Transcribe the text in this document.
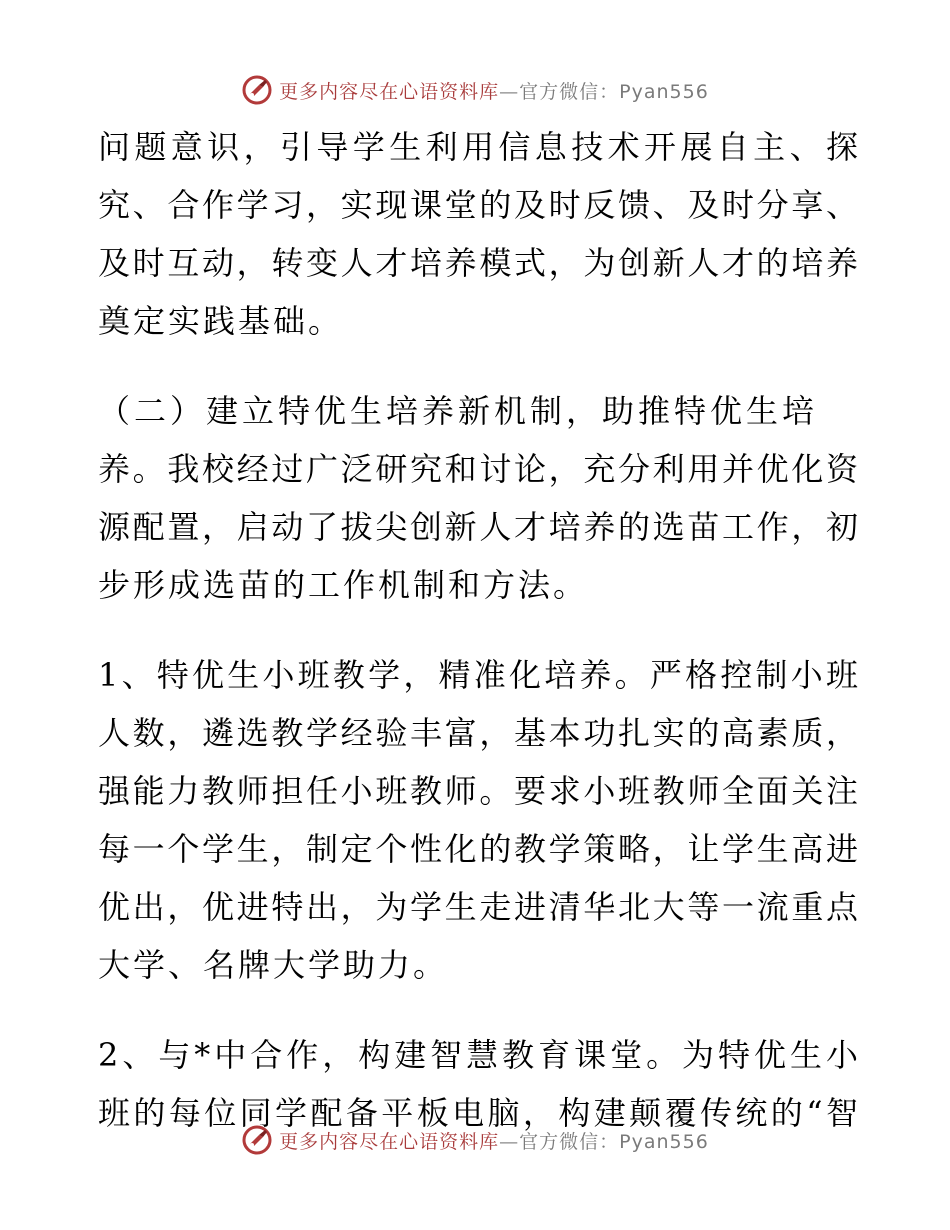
更多内容尽在心语资料库—官方微信：Pyan556
问题意识，引导学生利用信息技术开展自主、探
究、合作学习，实现课堂的及时反馈、及时分享、
及时互动，转变人才培养模式，为创新人才的培养
奠定实践基础。
（二）建立特优生培养新机制，助推特优生培
养。我校经过广泛研究和讨论，充分利用并优化资
源配置，启动了拔尖创新人才培养的选苗工作，初
步形成选苗的工作机制和方法。
1、特优生小班教学，精准化培养。严格控制小班
人数，遴选教学经验丰富，基本功扎实的高素质，
强能力教师担任小班教师。要求小班教师全面关注
每一个学生，制定个性化的教学策略，让学生高进
优出，优进特出，为学生走进清华北大等一流重点
大学、名牌大学助力。
2、与*中合作，构建智慧教育课堂。为特优生小
班的每位同学配备平板电脑，构建颠覆传统的“智
更多内容尽在心语资料库—官方微信：Pyan556
